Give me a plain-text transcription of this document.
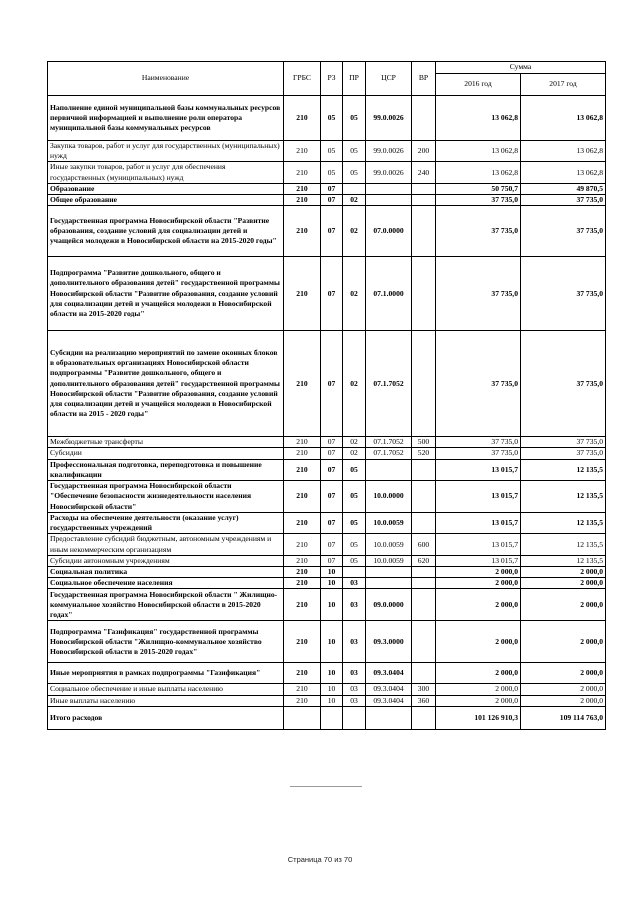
Наименование	ГРБС	РЗ	ПР	ЦСР	ВР	Сумма	
						2016 год	2017 год
Наполнение единой муниципальной базы коммунальных ресурсов первичной информацией и выполнение роли оператора муниципальной базы коммунальных ресурсов	210	05	05	99.0.0026		13 062,8	13 062,8
Закупка товаров, работ и услуг для государственных (муниципальных) нужд	210	05	05	99.0.0026	200	13 062,8	13 062,8
Иные закупки товаров, работ и услуг для обеспечения государственных (муниципальных) нужд	210	05	05	99.0.0026	240	13 062,8	13 062,8
Образование	210	07				50 750,7	49 870,5
Общее образование	210	07	02			37 735,0	37 735,0
Государственная программа Новосибирской области "Развитие образования, создание условий для социализации детей и учащейся молодежи в Новосибирской области на 2015-2020 годы"	210	07	02	07.0.0000		37 735,0	37 735,0
Подпрограмма "Развитие дошкольного, общего и дополнительного образования детей" государственной программы Новосибирской области "Развитие образования, создание условий для социализации детей и учащейся молодежи в Новосибирской области на 2015-2020 годы"	210	07	02	07.1.0000		37 735,0	37 735,0
Субсидии на реализацию мероприятий по замене оконных блоков в образовательных организациях Новосибирской области подпрограммы "Развитие дошкольного, общего и дополнительного образования детей" государственной программы Новосибирской области "Развитие образования, создание условий для социализации детей и учащейся молодежи в Новосибирской области на 2015 - 2020 годы"	210	07	02	07.1.7052		37 735,0	37 735,0
Межбюджетные трансферты	210	07	02	07.1.7052	500	37 735,0	37 735,0
Субсидии	210	07	02	07.1.7052	520	37 735,0	37 735,0
Профессиональная подготовка, переподготовка и повышение квалификации	210	07	05			13 015,7	12 135,5
Государственная программа Новосибирской области "Обеспечение безопасности жизнедеятельности населения Новосибирской области"	210	07	05	10.0.0000		13 015,7	12 135,5
Расходы на обеспечение деятельности (оказание услуг) государственных учреждений	210	07	05	10.0.0059		13 015,7	12 135,5
Предоставление субсидий бюджетным, автономным учреждениям и иным некоммерческим организациям	210	07	05	10.0.0059	600	13 015,7	12 135,5
Субсидии автономным учреждениям	210	07	05	10.0.0059	620	13 015,7	12 135,5
Социальная политика	210	10				2 000,0	2 000,0
Социальное обеспечение населения	210	10	03			2 000,0	2 000,0
Государственная программа Новосибирской области " Жилищно-коммунальное хозяйство Новосибирской области в 2015-2020 годах"	210	10	03	09.0.0000		2 000,0	2 000,0
Подпрограмма "Газификация" государственной программы Новосибирской области "Жилищно-коммунальное хозяйство Новосибирской области в 2015-2020 годах"	210	10	03	09.3.0000		2 000,0	2 000,0
Иные мероприятия в рамках подпрограммы "Газификация"	210	10	03	09.3.0404		2 000,0	2 000,0
Социальное обеспечение и иные выплаты населению	210	10	03	09.3.0404	300	2 000,0	2 000,0
Иные выплаты населению	210	10	03	09.3.0404	360	2 000,0	2 000,0
Итого расходов						101 126 910,3	109 114 763,0
Страница 70 из 70
